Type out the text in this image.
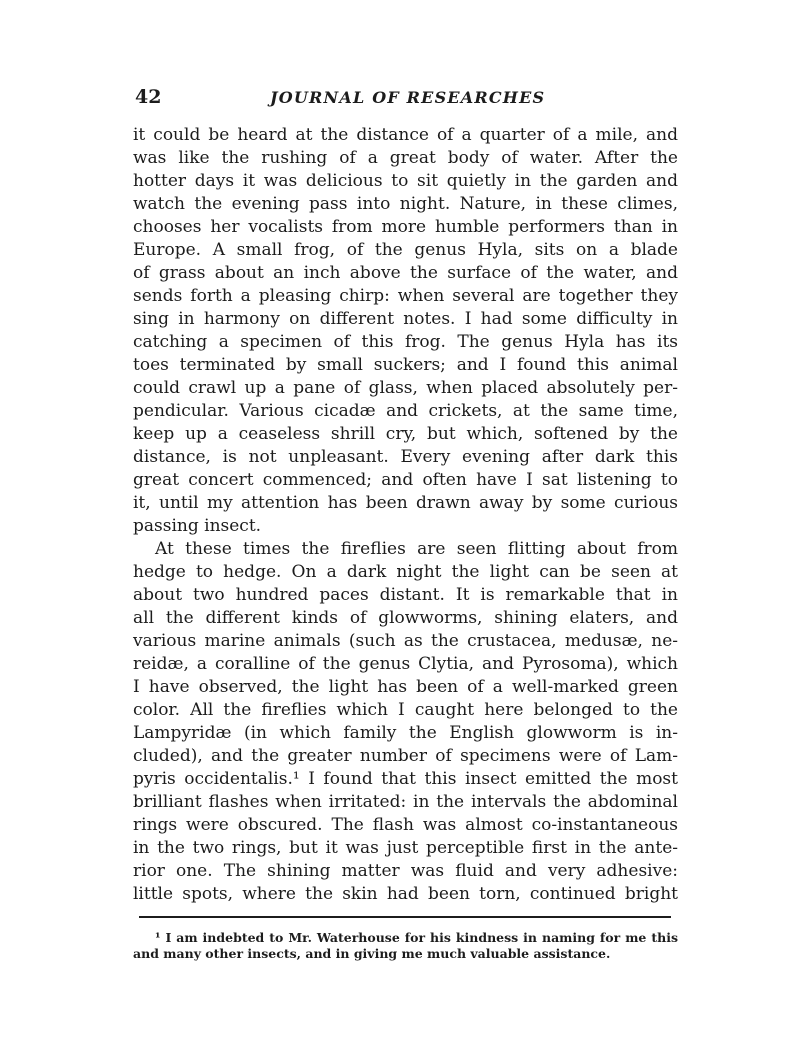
42	JOURNAL OF RESEARCHES
it could be heard at the distance of a quarter of a mile, and
was like the rushing of a great body of water. After the
hotter days it was delicious to sit quietly in the garden and
watch the evening pass into night. Nature, in these climes,
chooses her vocalists from more humble performers than in
Europe. A small frog, of the genus Hyla, sits on a blade
of grass about an inch above the surface of the water, and
sends forth a pleasing chirp: when several are together they
sing in harmony on different notes. I had some difficulty in
catching a specimen of this frog. The genus Hyla has its
toes terminated by small suckers; and I found this animal
could crawl up a pane of glass, when placed absolutely per-
pendicular. Various cicadæ and crickets, at the same time,
keep up a ceaseless shrill cry, but which, softened by the
distance, is not unpleasant. Every evening after dark this
great concert commenced; and often have I sat listening to
it, until my attention has been drawn away by some curious
passing insect.
At these times the fireflies are seen flitting about from
hedge to hedge. On a dark night the light can be seen at
about two hundred paces distant. It is remarkable that in
all the different kinds of glowworms, shining elaters, and
various marine animals (such as the crustacea, medusæ, ne-
reidæ, a coralline of the genus Clytia, and Pyrosoma), which
I have observed, the light has been of a well-marked green
color. All the fireflies which I caught here belonged to the
Lampyridæ (in which family the English glowworm is in-
cluded), and the greater number of specimens were of Lam-
pyris occidentalis.¹ I found that this insect emitted the most
brilliant flashes when irritated: in the intervals the abdominal
rings were obscured. The flash was almost co-instantaneous
in the two rings, but it was just perceptible first in the ante-
rior one. The shining matter was fluid and very adhesive:
little spots, where the skin had been torn, continued bright
¹ I am indebted to Mr. Waterhouse for his kindness in naming for me this
and many other insects, and in giving me much valuable assistance.
